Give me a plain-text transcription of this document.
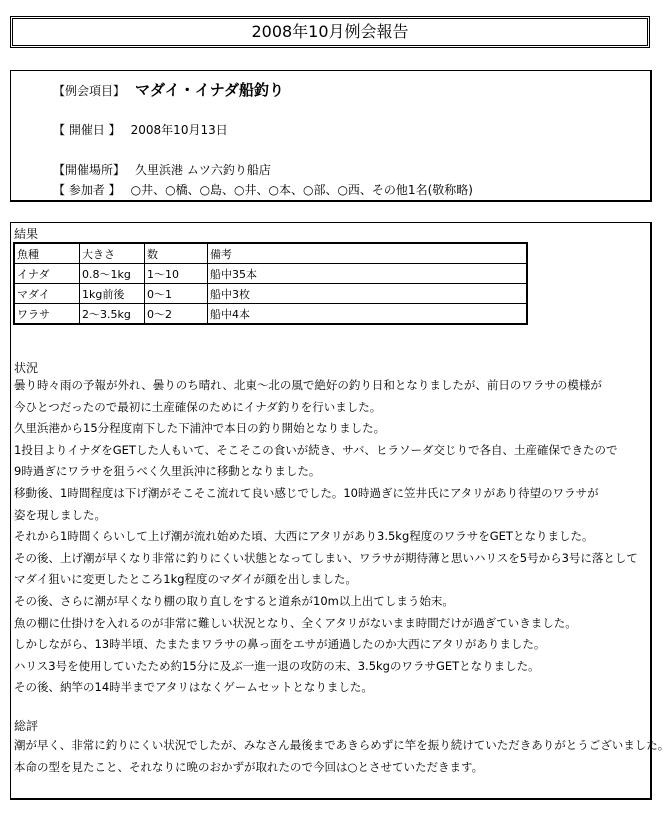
2008年10月例会報告
【例会項目】 マダイ・イナダ船釣り
【 開催日 】 2008年10月13日
【開催場所】 久里浜港 ムツ六釣り船店
【 参加者 】 ○井、○橋、○島、○井、○本、○部、○西、その他1名(敬称略)
結果
魚種	大きさ	数	備考
イナダ	0.8～1kg	1～10	船中35本
マダイ	1kg前後	0～1	船中3枚
ワラサ	2～3.5kg	0～2	船中4本
状況

曇り時々雨の予報が外れ、曇りのち晴れ、北東～北の風で絶好の釣り日和となりましたが、前日のワラサの模様が

今ひとつだったので最初に土産確保のためにイナダ釣りを行いました。

久里浜港から15分程度南下した下浦沖で本日の釣り開始となりました。

1投目よりイナダをGETした人もいて、そこそこの食いが続き、サバ、ヒラソーダ交じりで各自、土産確保できたので

9時過ぎにワラサを狙うべく久里浜沖に移動となりました。

移動後、1時間程度は下げ潮がそこそこ流れて良い感じでした。10時過ぎに笠井氏にアタリがあり待望のワラサが

姿を現しました。

それから1時間くらいして上げ潮が流れ始めた頃、大西にアタリがあり3.5kg程度のワラサをGETとなりました。

その後、上げ潮が早くなり非常に釣りにくい状態となってしまい、ワラサが期待薄と思いハリスを5号から3号に落として

マダイ狙いに変更したところ1kg程度のマダイが顔を出しました。

その後、さらに潮が早くなり棚の取り直しをすると道糸が10m以上出てしまう始末。

魚の棚に仕掛けを入れるのが非常に難しい状況となり、全くアタリがないまま時間だけが過ぎていきました。

しかしながら、13時半頃、たまたまワラサの鼻っ面をエサが通過したのか大西にアタリがありました。

ハリス3号を使用していたため約15分に及ぶ一進一退の攻防の末、3.5kgのワラサGETとなりました。

その後、納竿の14時半までアタリはなくゲームセットとなりました。

総評

潮が早く、非常に釣りにくい状況でしたが、みなさん最後まであきらめずに竿を振り続けていただきありがとうございました。

本命の型を見たこと、それなりに晩のおかずが取れたので今回は○とさせていただきます。
